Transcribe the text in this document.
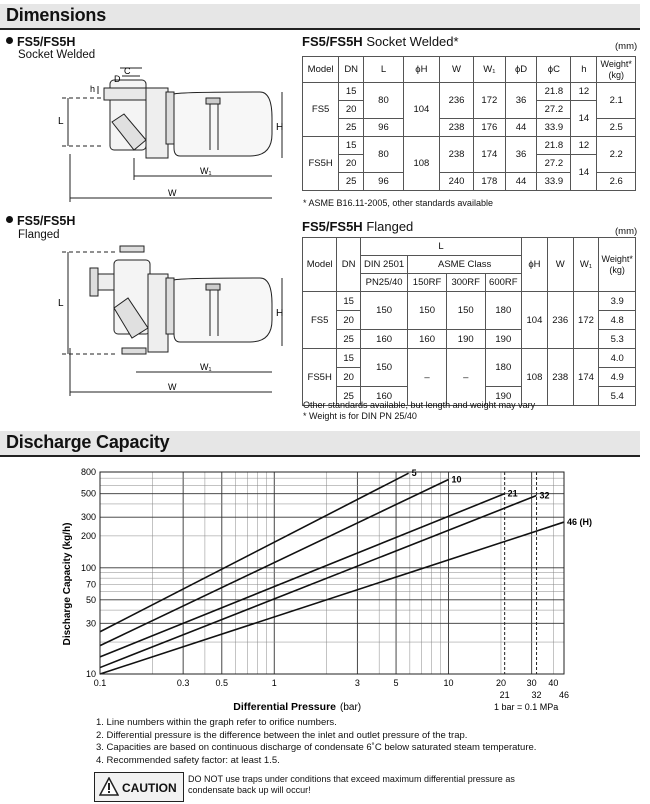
Dimensions
Discharge Capacity
FS5/FS5H
Socket Welded
C
D
h
L
H
W₁
W
FS5/FS5H Socket Welded*	(mm)
Model	DN	L	ϕH	W	W₁	ϕD	ϕC	h	Weight*
(kg)
FS5	15	80	104	236	172	36	21.8	12	2.1
	20						27.2	14	
	25	96		238	176	44	33.9		2.5
FS5H	15	80	108	238	174	36	21.8	12	2.2
	20						27.2	14	
	25	96		240	178	44	33.9		2.6
* ASME B16.11-2005, other standards available
FS5/FS5H
Flanged
L
H
W₁
W
FS5/FS5H Flanged	(mm)
Model	DN	L				ϕH	W	W₁	Weight*
(kg)
		DIN 2501	ASME Class						
		PN25/40	150RF	300RF	600RF				
FS5	15	150	150	150	180	104	236	172	3.9
	20								4.8
	25	160	160	190	190				5.3
FS5H	15	150	–	–	180	108	238	174	4.0
	20								4.9
	25	160			190				5.4
Other standards available, but length and weight may vary
* Weight is for DIN PN 25/40
5
10
21 32
46 (H)
0.1	0.3	0.5	1	3	5	10	20 30 40
21 32 46
800
500
300
200
100
70
50
30
10
Discharge Capacity (kg/h)
Differential Pressure (bar)	1 bar = 0.1 MPa
1. Line numbers within the graph refer to orifice numbers.
2. Differential pressure is the difference between the inlet and outlet pressure of the trap.
3. Capacities are based on continuous discharge of condensate 6˚C below saturated steam temperature.
4. Recommended safety factor: at least 1.5.
CAUTION
DO NOT use traps under conditions that exceed maximum differential pressure as condensate back up will occur!
